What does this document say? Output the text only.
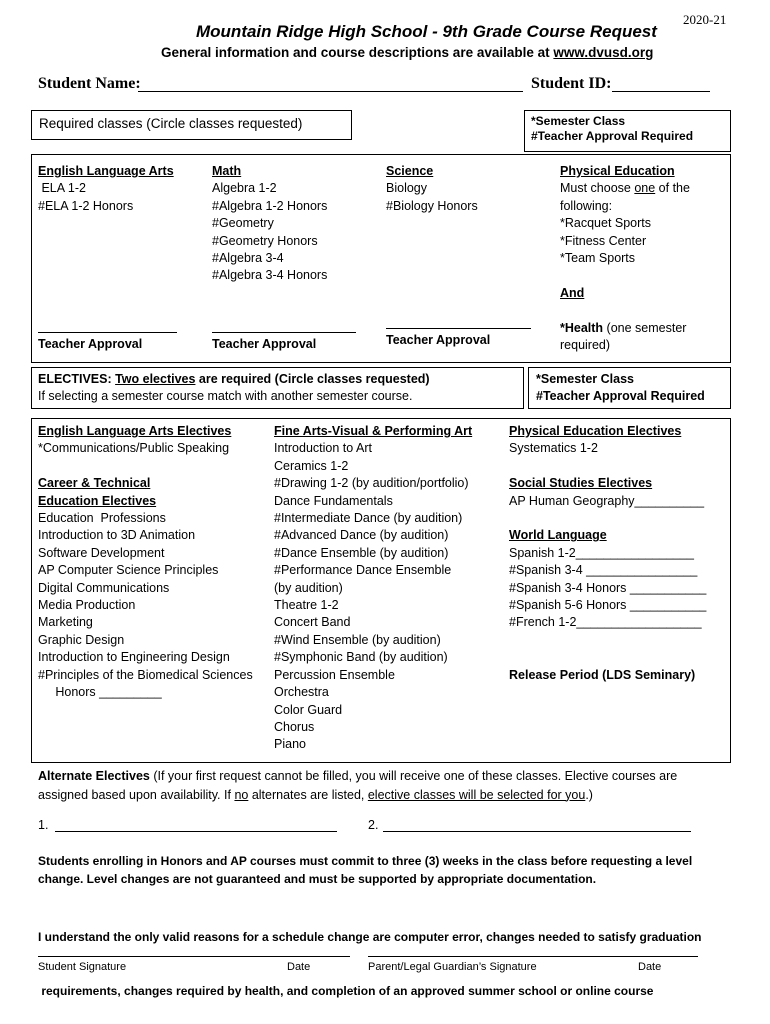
2020-21
Mountain Ridge High School - 9th Grade Course Request
General information and course descriptions are available at www.dvusd.org
Student Name:	Student ID:
Required classes (Circle classes requested)	*Semester Class
#Teacher Approval Required
English Language Arts
ELA 1-2
#ELA 1-2 Honors
Teacher Approval
Math
Algebra 1-2
#Algebra 1-2 Honors
#Geometry
#Geometry Honors
#Algebra 3-4
#Algebra 3-4 Honors
Teacher Approval
Science
Biology
#Biology Honors
Teacher Approval
Physical Education
Must choose one of the
following:
*Racquet Sports
*Fitness Center
*Team Sports
And
*Health (one semester
required)
ELECTIVES: Two electives are required (Circle classes requested)
If selecting a semester course match with another semester course.
*Semester Class
#Teacher Approval Required
English Language Arts Electives
*Communications/Public Speaking
Career & Technical
Education Electives
Education  Professions
Introduction to 3D Animation
Software Development
AP Computer Science Principles
Digital Communications
Media Production
Marketing
Graphic Design
Introduction to Engineering Design
#Principles of the Biomedical Sciences
Honors _________
Fine Arts-Visual & Performing Art
Introduction to Art
Ceramics 1-2
#Drawing 1-2 (by audition/portfolio)
Dance Fundamentals
#Intermediate Dance (by audition)
#Advanced Dance (by audition)
#Dance Ensemble (by audition)
#Performance Dance Ensemble
(by audition)
Theatre 1-2
Concert Band
#Wind Ensemble (by audition)
#Symphonic Band (by audition)
Percussion Ensemble
Orchestra
Color Guard
Chorus
Piano
Physical Education Electives
Systematics 1-2
Social Studies Electives
AP Human Geography__________
World Language
Spanish 1-2_________________
#Spanish 3-4 ________________
#Spanish 3-4 Honors ___________
#Spanish 5-6 Honors ___________
#French 1-2__________________
Release Period (LDS Seminary)
Alternate Electives (If your first request cannot be filled, you will receive one of these classes. Elective courses are
assigned based upon availability. If no alternates are listed, elective classes will be selected for you.)
1.	2.
Students enrolling in Honors and AP courses must commit to three (3) weeks in the class before requesting a level
change. Level changes are not guaranteed and must be supported by appropriate documentation.

I understand the only valid reasons for a schedule change are computer error, changes needed to satisfy graduation

requirements, changes required by health, and completion of an approved summer school or online course

Student Signature	Date	Parent/Legal Guardian’s Signature	Date
